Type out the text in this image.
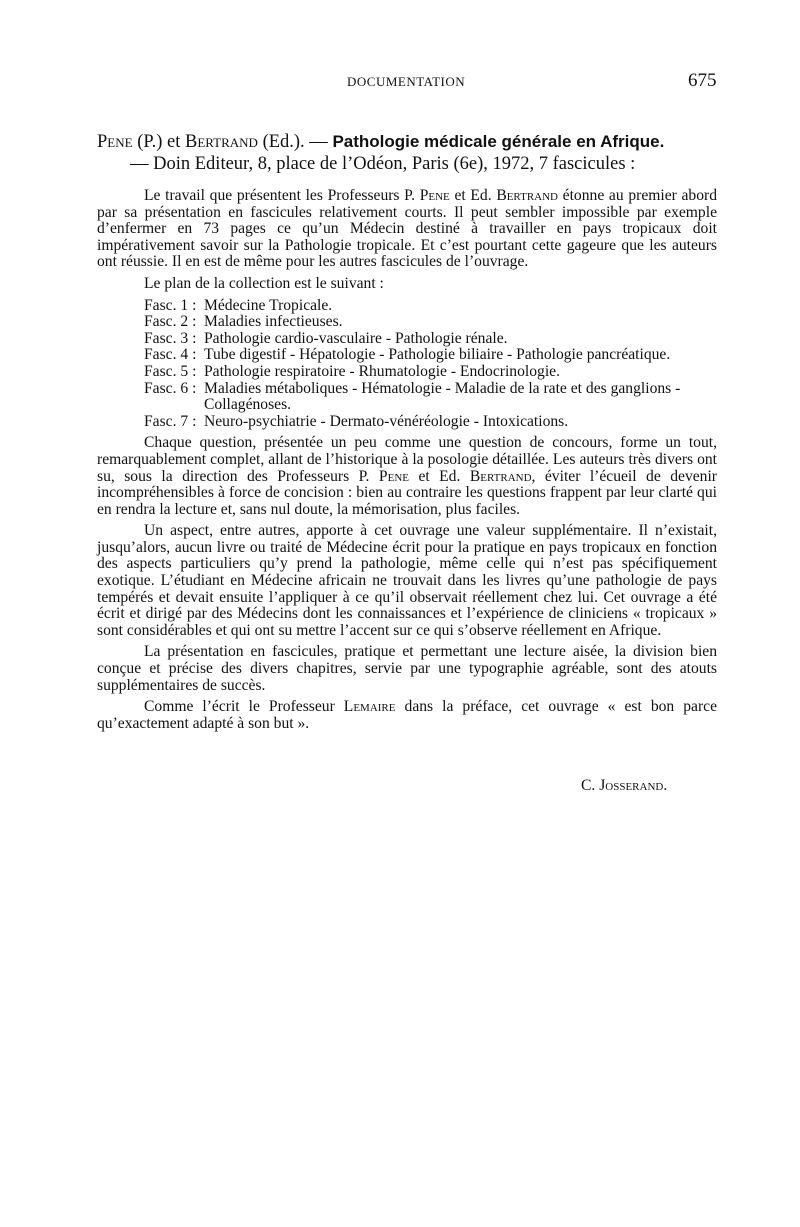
DOCUMENTATION	675
Pene (P.) et Bertrand (Ed.). — Pathologie médicale générale en Afrique.
— Doin Editeur, 8, place de l’Odéon, Paris (6e), 1972, 7 fascicules :

Le travail que présentent les Professeurs P. Pene et Ed. Bertrand étonne au premier abord par sa présentation en fascicules relativement courts. Il peut sembler impossible par exemple d’enfermer en 73 pages ce qu’un Médecin destiné à travailler en pays tropicaux doit impérativement savoir sur la Pathologie tropicale. Et c’est pourtant cette gageure que les auteurs ont réussie. Il en est de même pour les autres fascicules de l’ouvrage.

Le plan de la collection est le suivant :

Fasc. 1 : Médecine Tropicale.
Fasc. 2 : Maladies infectieuses.
Fasc. 3 : Pathologie cardio-vasculaire - Pathologie rénale.
Fasc. 4 : Tube digestif - Hépatologie - Pathologie biliaire - Pathologie pancréatique.
Fasc. 5 : Pathologie respiratoire - Rhumatologie - Endocrinologie.
Fasc. 6 : Maladies métaboliques - Hématologie - Maladie de la rate et des ganglions - Collagénoses.
Fasc. 7 : Neuro-psychiatrie - Dermato-vénéréologie - Intoxications.

Chaque question, présentée un peu comme une question de concours, forme un tout, remarquablement complet, allant de l’historique à la posologie détaillée. Les auteurs très divers ont su, sous la direction des Professeurs P. Pene et Ed. Bertrand, éviter l’écueil de devenir incompréhensibles à force de concision : bien au contraire les questions frappent par leur clarté qui en rendra la lecture et, sans nul doute, la mémorisation, plus faciles.

Un aspect, entre autres, apporte à cet ouvrage une valeur supplémentaire. Il n’existait, jusqu’alors, aucun livre ou traité de Médecine écrit pour la pratique en pays tropicaux en fonction des aspects particuliers qu’y prend la pathologie, même celle qui n’est pas spécifiquement exotique. L’étudiant en Médecine africain ne trouvait dans les livres qu’une pathologie de pays tempérés et devait ensuite l’appliquer à ce qu’il observait réellement chez lui. Cet ouvrage a été écrit et dirigé par des Médecins dont les connaissances et l’expérience de cliniciens « tropicaux » sont considérables et qui ont su mettre l’accent sur ce qui s’observe réellement en Afrique.

La présentation en fascicules, pratique et permettant une lecture aisée, la division bien conçue et précise des divers chapitres, servie par une typographie agréable, sont des atouts supplémentaires de succès.

Comme l’écrit le Professeur Lemaire dans la préface, cet ouvrage « est bon parce qu’exactement adapté à son but ».

C. Josserand.
